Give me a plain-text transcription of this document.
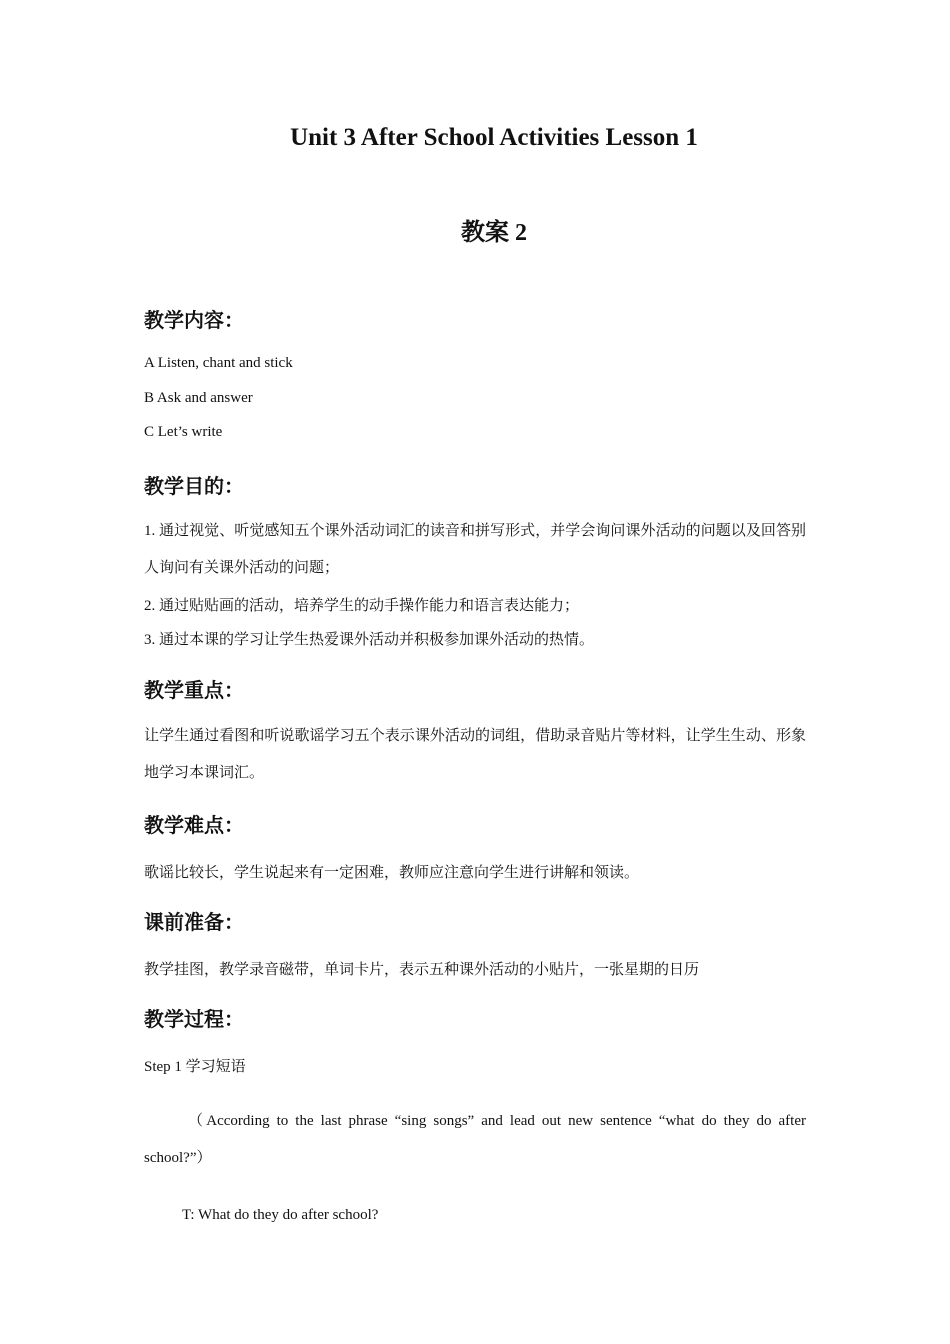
Unit 3 After School Activities Lesson 1
教案 2
教学内容：
A Listen, chant and stick
B Ask and answer
C Let’s write
教学目的：
1. 通过视觉、听觉感知五个课外活动词汇的读音和拼写形式，并学会询问课外活动的问题以及回答别人询问有关课外活动的问题；
2. 通过贴贴画的活动，培养学生的动手操作能力和语言表达能力；
3. 通过本课的学习让学生热爱课外活动并积极参加课外活动的热情。
教学重点：
让学生通过看图和听说歌谣学习五个表示课外活动的词组，借助录音贴片等材料，让学生生动、形象地学习本课词汇。
教学难点：
歌谣比较长，学生说起来有一定困难，教师应注意向学生进行讲解和领读。
课前准备：
教学挂图，教学录音磁带，单词卡片，表示五种课外活动的小贴片，一张星期的日历
教学过程：
Step 1 学习短语
（According to the last phrase “sing songs” and lead out new sentence “what do they do after school?”）
T: What do they do after school?
